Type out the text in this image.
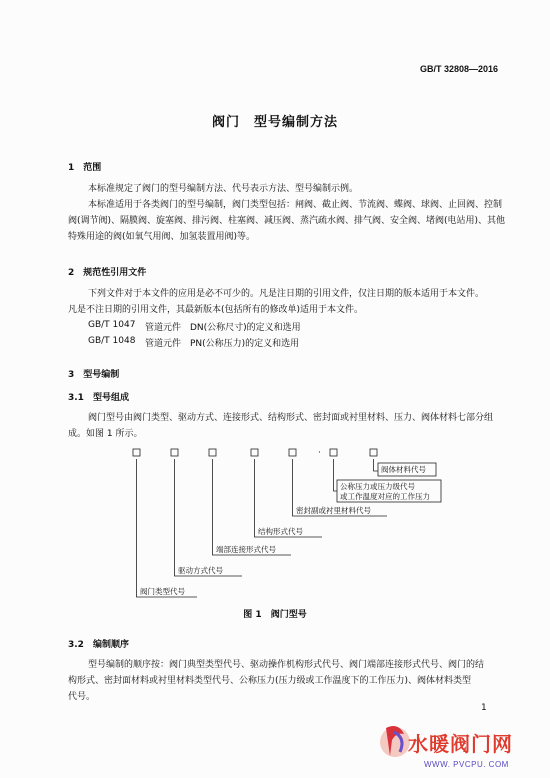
GB/T 32808—2016
阀门　型号编制方法
1　范围
本标准规定了阀门的型号编制方法、代号表示方法、型号编制示例。
本标准适用于各类阀门的型号编制，阀门类型包括：闸阀、截止阀、节流阀、蝶阀、球阀、止回阀、控制
阀(调节阀)、隔膜阀、旋塞阀、排污阀、柱塞阀、减压阀、蒸汽疏水阀、排气阀、安全阀、堵阀(电站用)、其他
特殊用途的阀(如氧气用阀、加氢装置用阀)等。
2　规范性引用文件
下列文件对于本文件的应用是必不可少的。凡是注日期的引用文件，仅注日期的版本适用于本文件。
凡是不注日期的引用文件，其最新版本(包括所有的修改单)适用于本文件。
GB/T 1047 管道元件　DN(公称尺寸)的定义和选用
GB/T 1048 管道元件　PN(公称压力)的定义和选用
3　型号编制
3.1　型号组成
阀门型号由阀门类型、驱动方式、连接形式、结构形式、密封面或衬里材料、压力、阀体材料七部分组
成。如图 1 所示。
·
阀体材料代号
公称压力或压力级代号
或工作温度对应的工作压力
密封副或衬里材料代号
结构形式代号
端部连接形式代号
驱动方式代号
阀门类型代号
图 1　阀门型号
3.2　编制顺序
型号编制的顺序按：阀门典型类型代号、驱动操作机构形式代号、阀门端部连接形式代号、阀门的结
构形式、密封面材料或衬里材料类型代号、公称压力(压力级或工作温度下的工作压力)、阀体材料类型
代号。
1
水暖阀门网
WWW. PVCPU. COM
